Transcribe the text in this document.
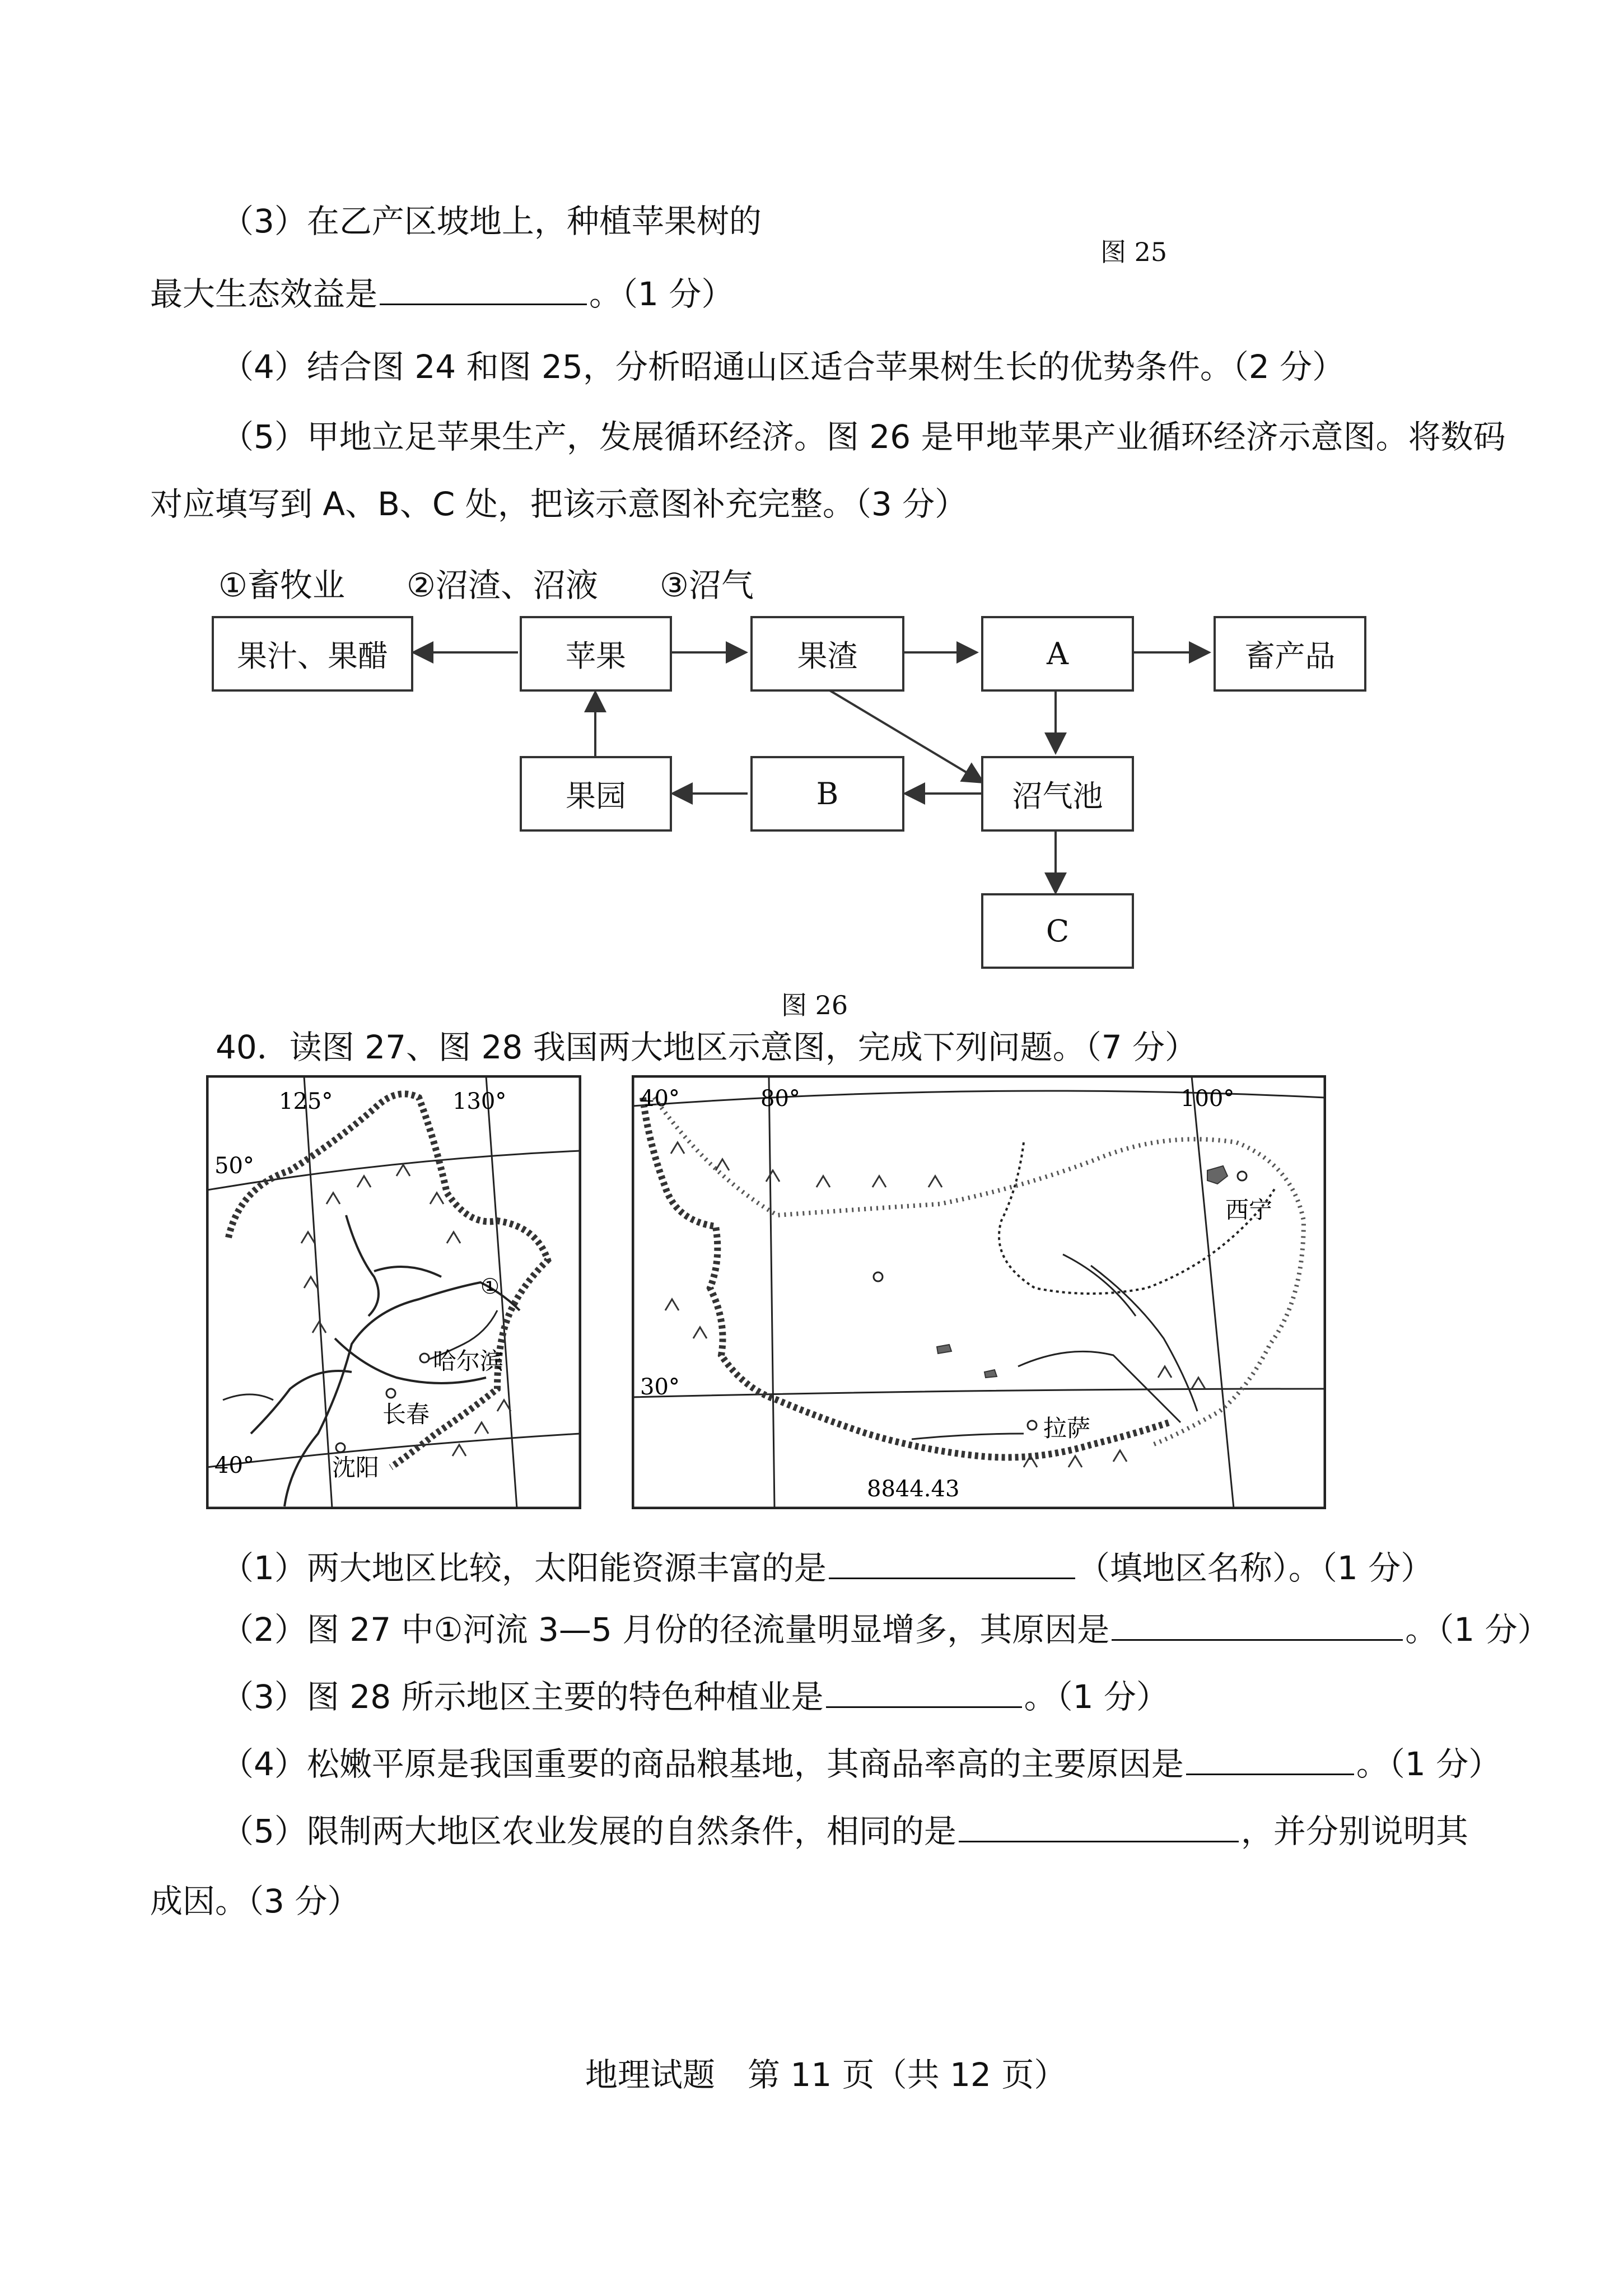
（3）在乙产区坡地上，种植苹果树的
图 25
最大生态效益是	。（1 分）
（4）结合图 24 和图 25，分析昭通山区适合苹果树生长的优势条件。（2 分）
（5）甲地立足苹果生产，发展循环经济。图 26 是甲地苹果产业循环经济示意图。将数码
对应填写到 A、B、C 处，把该示意图补充完整。（3 分）
①畜牧业 ②沼渣、沼液 ③沼气
果汁、果醋	苹果	果渣	A	畜产品
果园	B	沼气池
C
图 26
40．读图 27、图 28 我国两大地区示意图，完成下列问题。（7 分）
125°	130°
50°
40°
哈尔滨
长春
沈阳
①
80°	100°
40°
30°
西宁
拉萨
8844.43
（1）两大地区比较，太阳能资源丰富的是	（填地区名称）。（1 分）
（2）图 27 中①河流 3—5 月份的径流量明显增多，其原因是	。（1 分）
（3）图 28 所示地区主要的特色种植业是	。（1 分）
（4）松嫩平原是我国重要的商品粮基地，其商品率高的主要原因是	。（1 分）
（5）限制两大地区农业发展的自然条件，相同的是	，并分别说明其
成因。（3 分）
地理试题　第 11 页（共 12 页）
